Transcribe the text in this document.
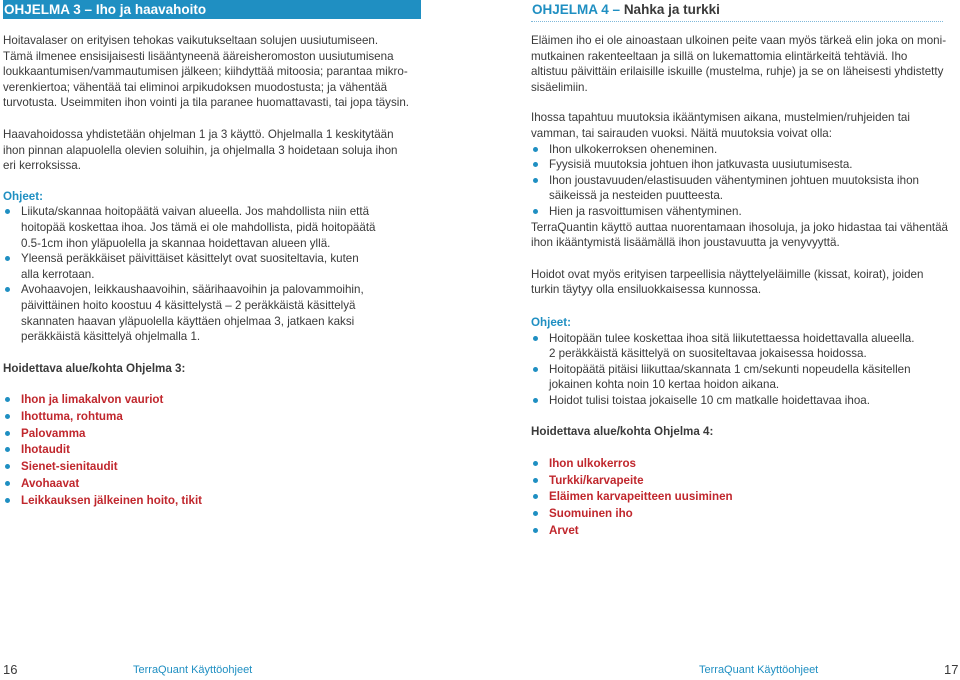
OHJELMA 3 – Iho ja haavahoito

Hoitavalaser on erityisen tehokas vaikutukseltaan solujen uusiutumiseen.
Tämä ilmenee ensisijaisesti lisääntyneenä ääreisheromoston uusiutumisena
loukkaantumisen/vammautumisen jälkeen; kiihdyttää mitoosia; parantaa mikro-
verenkiertoa; vähentää tai eliminoi arpikudoksen muodostusta; ja vähentää
turvotusta. Useimmiten ihon vointi ja tila paranee huomattavasti, tai jopa täysin.

Haavahoidossa yhdistetään ohjelman 1 ja 3 käyttö. Ohjelmalla 1 keskitytään
ihon pinnan alapuolella olevien soluihin, ja ohjelmalla 3 hoidetaan soluja ihon
eri kerroksissa.

Ohjeet:

Liikuta/skannaa hoitopäätä vaivan alueella. Jos mahdollista niin että
hoitopää koskettaa ihoa. Jos tämä ei ole mahdollista, pidä hoitopäätä
0.5-1cm ihon yläpuolella ja skannaa hoidettavan alueen yllä.
Yleensä peräkkäiset päivittäiset käsittelyt ovat suositeltavia, kuten
alla kerrotaan.
Avohaavojen, leikkaushaavoihin, säärihaavoihin ja palovammoihin,
päivittäinen hoito koostuu 4 käsittelystä – 2 peräkkäistä käsittelyä
skannaten haavan yläpuolella käyttäen ohjelmaa 3, jatkaen kaksi
peräkkäistä käsittelyä ohjelmalla 1.

Hoidettava alue/kohta Ohjelma 3:

Ihon ja limakalvon vauriot
Ihottuma, rohtuma
Palovamma
Ihotaudit
Sienet-sienitaudit
Avohaavat
Leikkauksen jälkeinen hoito, tikit
OHJELMA 4 – Nahka ja turkki

Eläimen iho ei ole ainoastaan ulkoinen peite vaan myös tärkeä elin joka on moni-
mutkainen rakenteeltaan ja sillä on lukemattomia elintärkeitä tehtäviä. Iho
altistuu päivittäin erilaisille iskuille (mustelma, ruhje) ja se on läheisesti yhdistetty
sisäelimiin.

Ihossa tapahtuu muutoksia ikääntymisen aikana, mustelmien/ruhjeiden tai
vamman, tai sairauden vuoksi. Näitä muutoksia voivat olla:

Ihon ulkokerroksen oheneminen.
Fyysisiä muutoksia johtuen ihon jatkuvasta uusiutumisesta.
Ihon joustavuuden/elastisuuden vähentyminen johtuen muutoksista ihon
säikeissä ja nesteiden puutteesta.
Hien ja rasvoittumisen vähentyminen.

TerraQuantin käyttö auttaa nuorentamaan ihosoluja, ja joko hidastaa tai vähentää
ihon ikääntymistä lisäämällä ihon joustavuutta ja venyvyyttä.

Hoidot ovat myös erityisen tarpeellisia näyttelyeläimille (kissat, koirat), joiden
turkin täytyy olla ensiluokkaisessa kunnossa.

Ohjeet:

Hoitopään tulee koskettaa ihoa sitä liikutettaessa hoidettavalla alueella.
2 peräkkäistä käsittelyä on suositeltavaa jokaisessa hoidossa.
Hoitopäätä pitäisi liikuttaa/skannata 1 cm/sekunti nopeudella käsitellen
jokainen kohta noin 10 kertaa hoidon aikana.
Hoidot tulisi toistaa jokaiselle 10 cm matkalle hoidettavaa ihoa.

Hoidettava alue/kohta Ohjelma 4:

Ihon ulkokerros
Turkki/karvapeite
Eläimen karvapeitteen uusiminen
Suomuinen iho
Arvet
16	TerraQuant Käyttöohjeet	TerraQuant Käyttöohjeet	17
